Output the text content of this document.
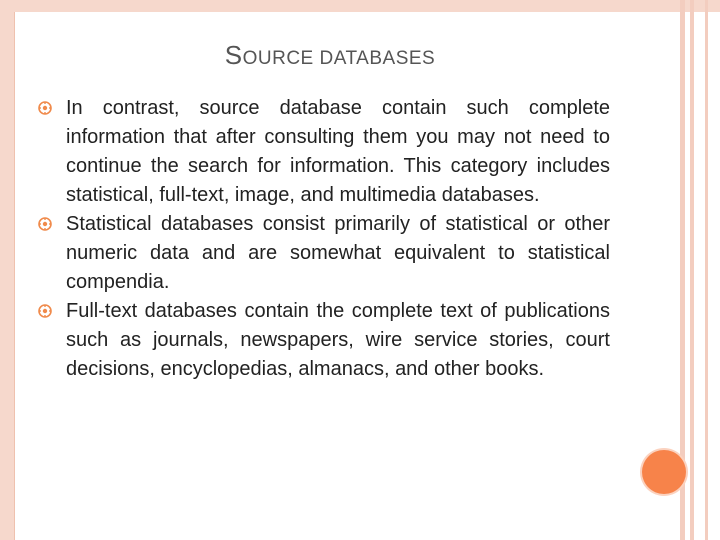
SOURCE DATABASES
In contrast, source database contain such complete information that after consulting them you may not need to continue the search for information. This category includes statistical, full-text, image, and multimedia databases.
Statistical databases consist primarily of statistical or other numeric data and are somewhat equivalent to statistical compendia.
Full-text databases contain the complete text of publications such as journals, newspapers, wire service stories, court decisions, encyclopedias, almanacs, and other books.
